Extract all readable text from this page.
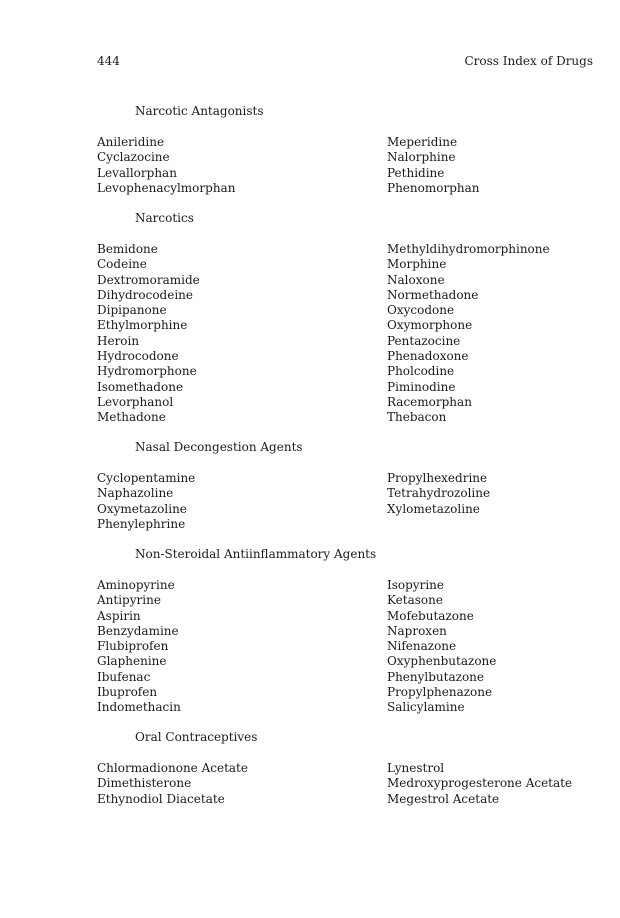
444	Cross Index of Drugs
Narcotic Antagonists
Anileridine
Cyclazocine
Levallorphan
Levophenacylmorphan
Meperidine
Nalorphine
Pethidine
Phenomorphan
Narcotics
Bemidone
Codeine
Dextromoramide
Dihydrocodeine
Dipipanone
Ethylmorphine
Heroin
Hydrocodone
Hydromorphone
Isomethadone
Levorphanol
Methadone
Methyldihydromorphinone
Morphine
Naloxone
Normethadone
Oxycodone
Oxymorphone
Pentazocine
Phenadoxone
Pholcodine
Piminodine
Racemorphan
Thebacon
Nasal Decongestion Agents
Cyclopentamine
Naphazoline
Oxymetazoline
Phenylephrine
Propylhexedrine
Tetrahydrozoline
Xylometazoline
Non-Steroidal Antiinflammatory Agents
Aminopyrine
Antipyrine
Aspirin
Benzydamine
Flubiprofen
Glaphenine
Ibufenac
Ibuprofen
Indomethacin
Isopyrine
Ketasone
Mofebutazone
Naproxen
Nifenazone
Oxyphenbutazone
Phenylbutazone
Propylphenazone
Salicylamine
Oral Contraceptives
Chlormadionone Acetate
Dimethisterone
Ethynodiol Diacetate
Lynestrol
Medroxyprogesterone Acetate
Megestrol Acetate
